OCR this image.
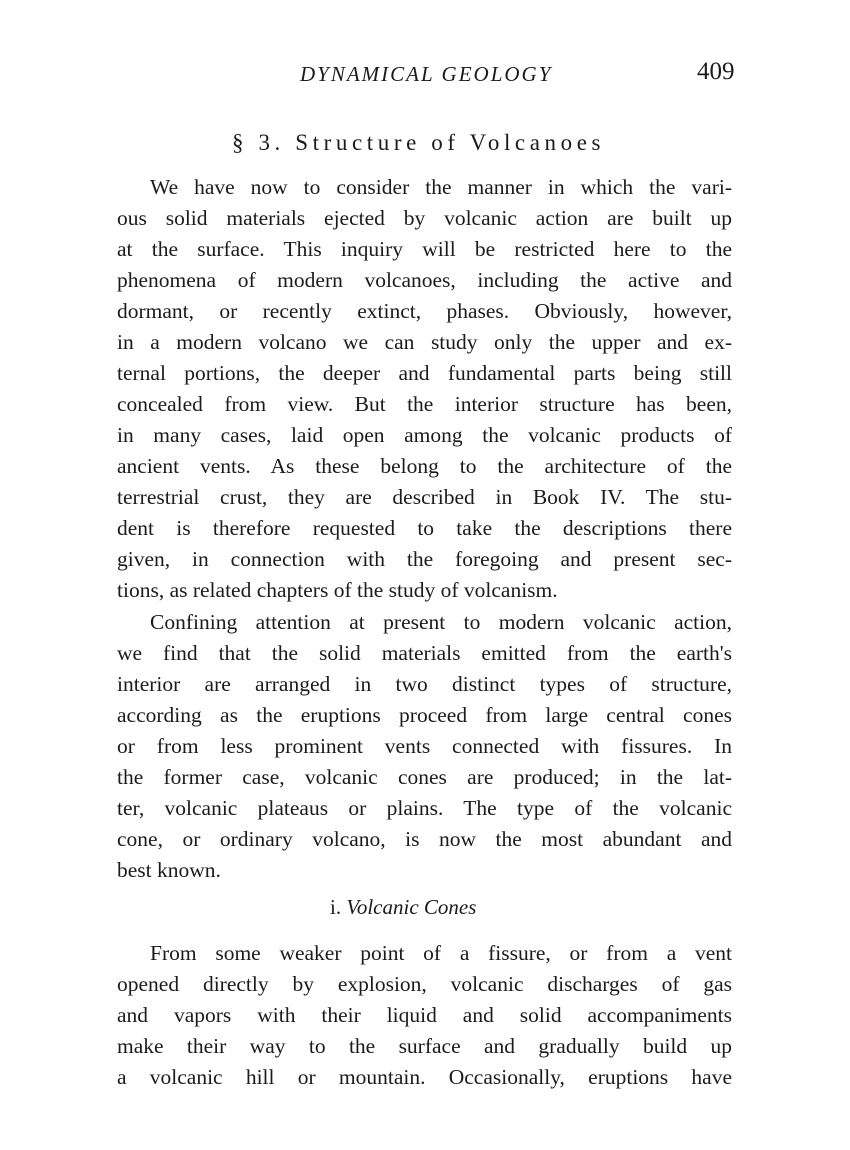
DYNAMICAL GEOLOGY	409
§ 3. Structure of Volcanoes
We have now to consider the manner in which the vari-
ous solid materials ejected by volcanic action are built up
at the surface. This inquiry will be restricted here to the
phenomena of modern volcanoes, including the active and
dormant, or recently extinct, phases. Obviously, however,
in a modern volcano we can study only the upper and ex-
ternal portions, the deeper and fundamental parts being still
concealed from view. But the interior structure has been,
in many cases, laid open among the volcanic products of
ancient vents. As these belong to the architecture of the
terrestrial crust, they are described in Book IV. The stu-
dent is therefore requested to take the descriptions there
given, in connection with the foregoing and present sec-
tions, as related chapters of the study of volcanism.
Confining attention at present to modern volcanic action,
we find that the solid materials emitted from the earth's
interior are arranged in two distinct types of structure,
according as the eruptions proceed from large central cones
or from less prominent vents connected with fissures. In
the former case, volcanic cones are produced; in the lat-
ter, volcanic plateaus or plains. The type of the volcanic
cone, or ordinary volcano, is now the most abundant and
best known.
i. Volcanic Cones
From some weaker point of a fissure, or from a vent
opened directly by explosion, volcanic discharges of gas
and vapors with their liquid and solid accompaniments
make their way to the surface and gradually build up
a volcanic hill or mountain. Occasionally, eruptions have
